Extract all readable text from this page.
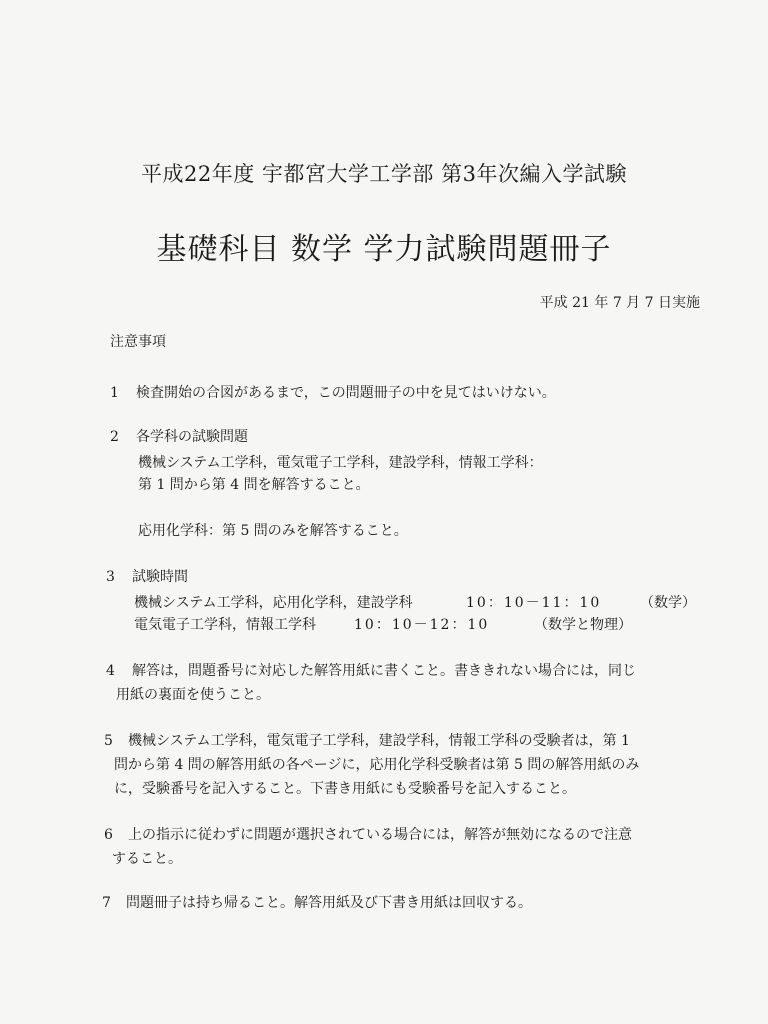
平成22年度 宇都宮大学工学部 第3年次編入学試験
基礎科目 数学 学力試験問題冊子
平成 21 年 7 月 7 日実施
注意事項
1 検査開始の合図があるまで，この問題冊子の中を見てはいけない。
2 各学科の試験問題
機械システム工学科，電気電子工学科，建設学科，情報工学科：
第 1 問から第 4 問を解答すること。
応用化学科：第 5 問のみを解答すること。
3 試験時間
機械システム工学科，応用化学科，建設学科	10：10－11：10	（数学）
電気電子工学科，情報工学科	10：10－12：10	（数学と物理）
4 解答は，問題番号に対応した解答用紙に書くこと。書ききれない場合には，同じ
用紙の裏面を使うこと。
5 機械システム工学科，電気電子工学科，建設学科，情報工学科の受験者は，第 1
問から第 4 問の解答用紙の各ページに，応用化学科受験者は第 5 問の解答用紙のみ
に，受験番号を記入すること。下書き用紙にも受験番号を記入すること。
6 上の指示に従わずに問題が選択されている場合には，解答が無効になるので注意
すること。
7 問題冊子は持ち帰ること。解答用紙及び下書き用紙は回収する。
